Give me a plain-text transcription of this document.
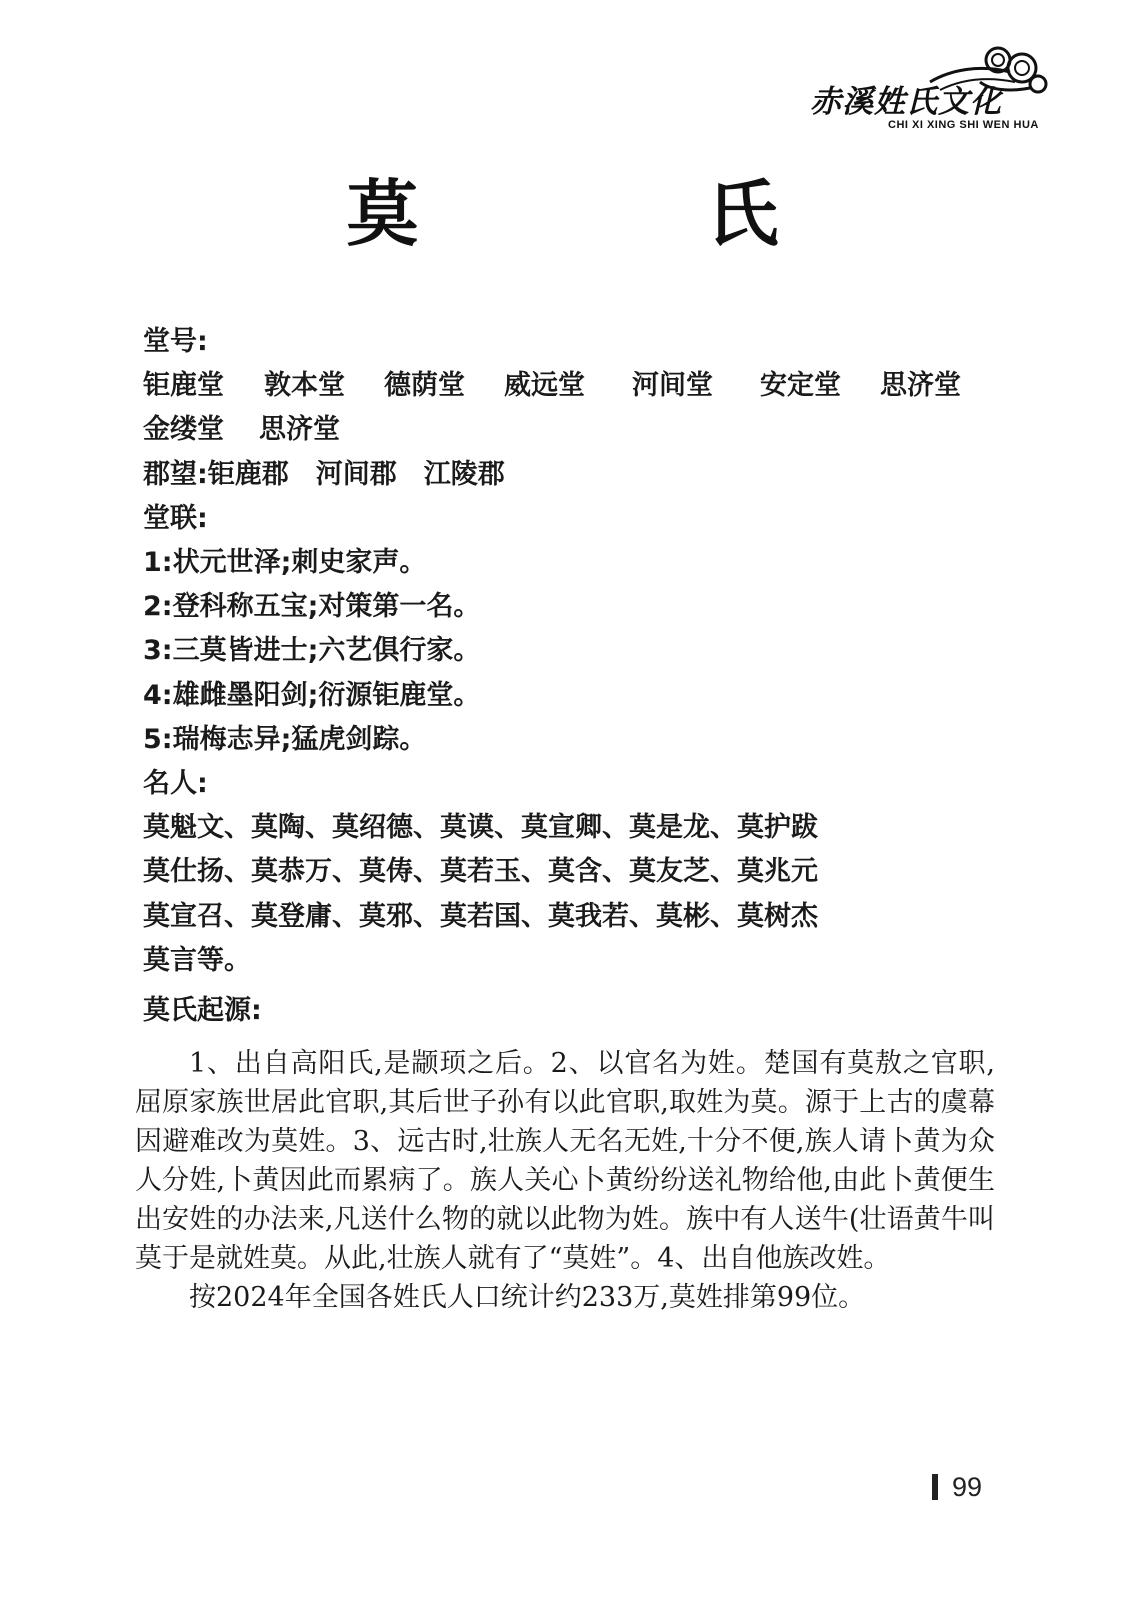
赤溪姓氏文化
CHI XI XING SHI WEN HUA
莫　氏
堂号:
钜鹿堂 敦本堂 德荫堂 威远堂 河间堂 安定堂 思济堂
金缕堂 思济堂
郡望:钜鹿郡　河间郡　江陵郡
堂联:
1:状元世泽;刺史家声。
2:登科称五宝;对策第一名。
3:三莫皆进士;六艺俱行家。
4:雄雌墨阳剑;衍源钜鹿堂。
5:瑞梅志异;猛虎剑踪。
名人:
莫魁文、莫陶、莫绍德、莫谟、莫宣卿、莫是龙、莫护跋
莫仕扬、莫恭万、莫俦、莫若玉、莫含、莫友芝、莫兆元
莫宣召、莫登庸、莫邪、莫若国、莫我若、莫彬、莫树杰
莫言等。
莫氏起源:

1、出自高阳氏,是颛顼之后。2、以官名为姓。楚国有莫敖之官职,屈原家族世居此官职,其后世子孙有以此官职,取姓为莫。源于上古的虞幕因避难改为莫姓。3、远古时,壮族人无名无姓,十分不便,族人请卜黄为众人分姓,卜黄因此而累病了。族人关心卜黄纷纷送礼物给他,由此卜黄便生出安姓的办法来,凡送什么物的就以此物为姓。族中有人送牛(壮语黄牛叫莫于是就姓莫。从此,壮族人就有了“莫姓”。4、出自他族改姓。

按2024年全国各姓氏人口统计约233万,莫姓排第99位。

99
